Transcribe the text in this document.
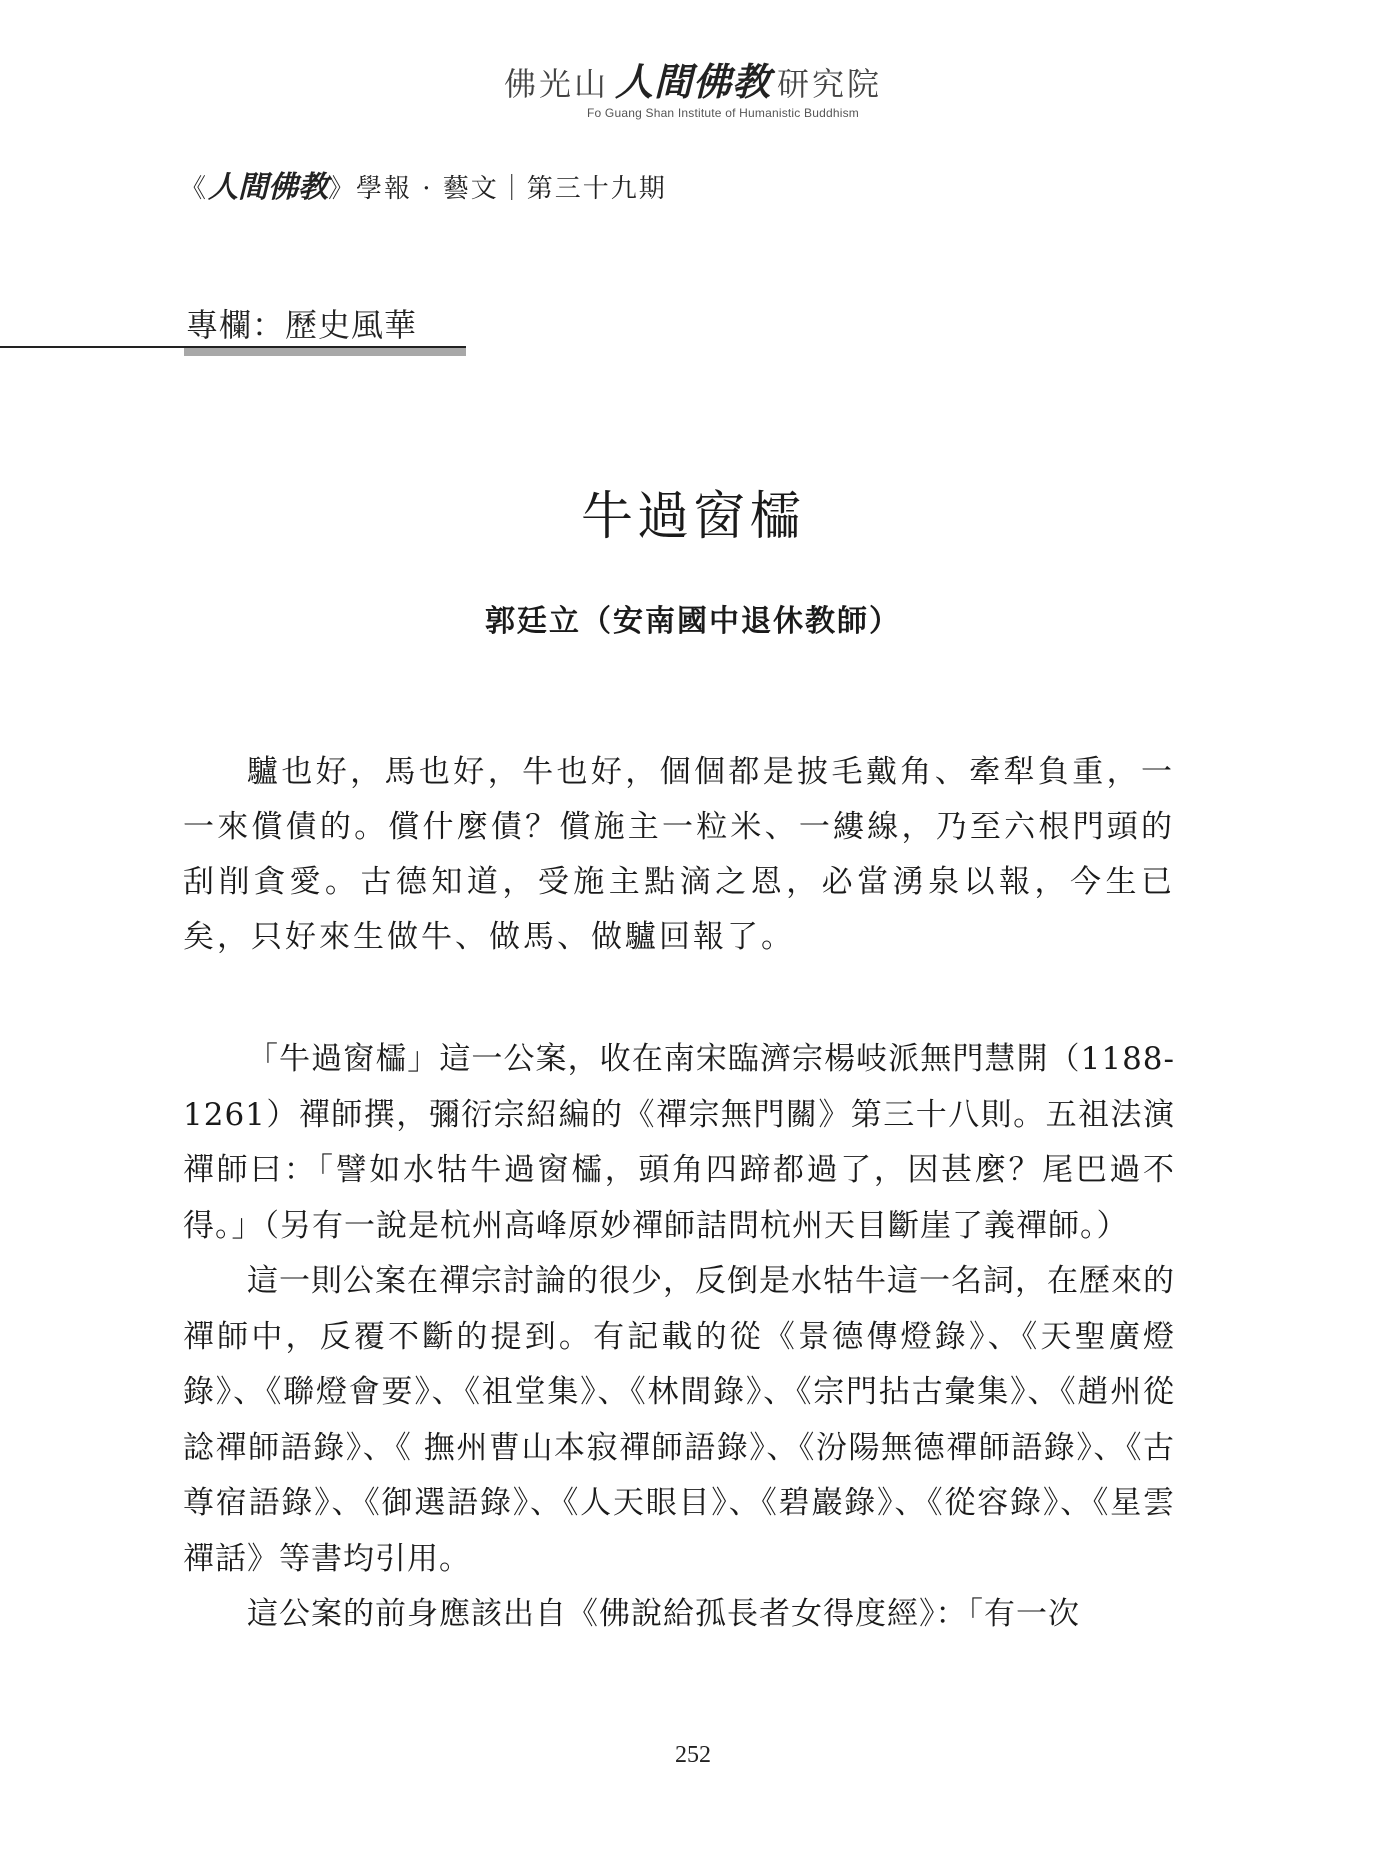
佛光山 人間佛教 研究院
Fo Guang Shan Institute of Humanistic Buddhism
《人間佛教》學報 · 藝文｜第三十九期
專欄：歷史風華
牛過窗櫺
郭廷立（安南國中退休教師）

驢也好，馬也好，牛也好，個個都是披毛戴角、牽犁負重，一一來償債的。償什麼債？償施主一粒米、一縷線，乃至六根門頭的刮削貪愛。古德知道，受施主點滴之恩，必當湧泉以報，今生已矣，只好來生做牛、做馬、做驢回報了。

「牛過窗櫺」這一公案，收在南宋臨濟宗楊岐派無門慧開（1188-1261）禪師撰，彌衍宗紹編的《禪宗無門關》第三十八則。五祖法演禪師曰：「譬如水牯牛過窗櫺，頭角四蹄都過了，因甚麼？尾巴過不得。」（另有一說是杭州高峰原妙禪師詰問杭州天目斷崖了義禪師。）

這一則公案在禪宗討論的很少，反倒是水牯牛這一名詞，在歷來的禪師中，反覆不斷的提到。有記載的從《景德傳燈錄》、《天聖廣燈錄》、《聯燈會要》、《祖堂集》、《林間錄》、《宗門拈古彙集》、《趙州從諗禪師語錄》、《 撫州曹山本寂禪師語錄》、《汾陽無德禪師語錄》、《古尊宿語錄》、《御選語錄》、《人天眼目》、《碧巖錄》、《從容錄》、《星雲禪話》等書均引用。

這公案的前身應該出自《佛說給孤長者女得度經》：「有一次

252
